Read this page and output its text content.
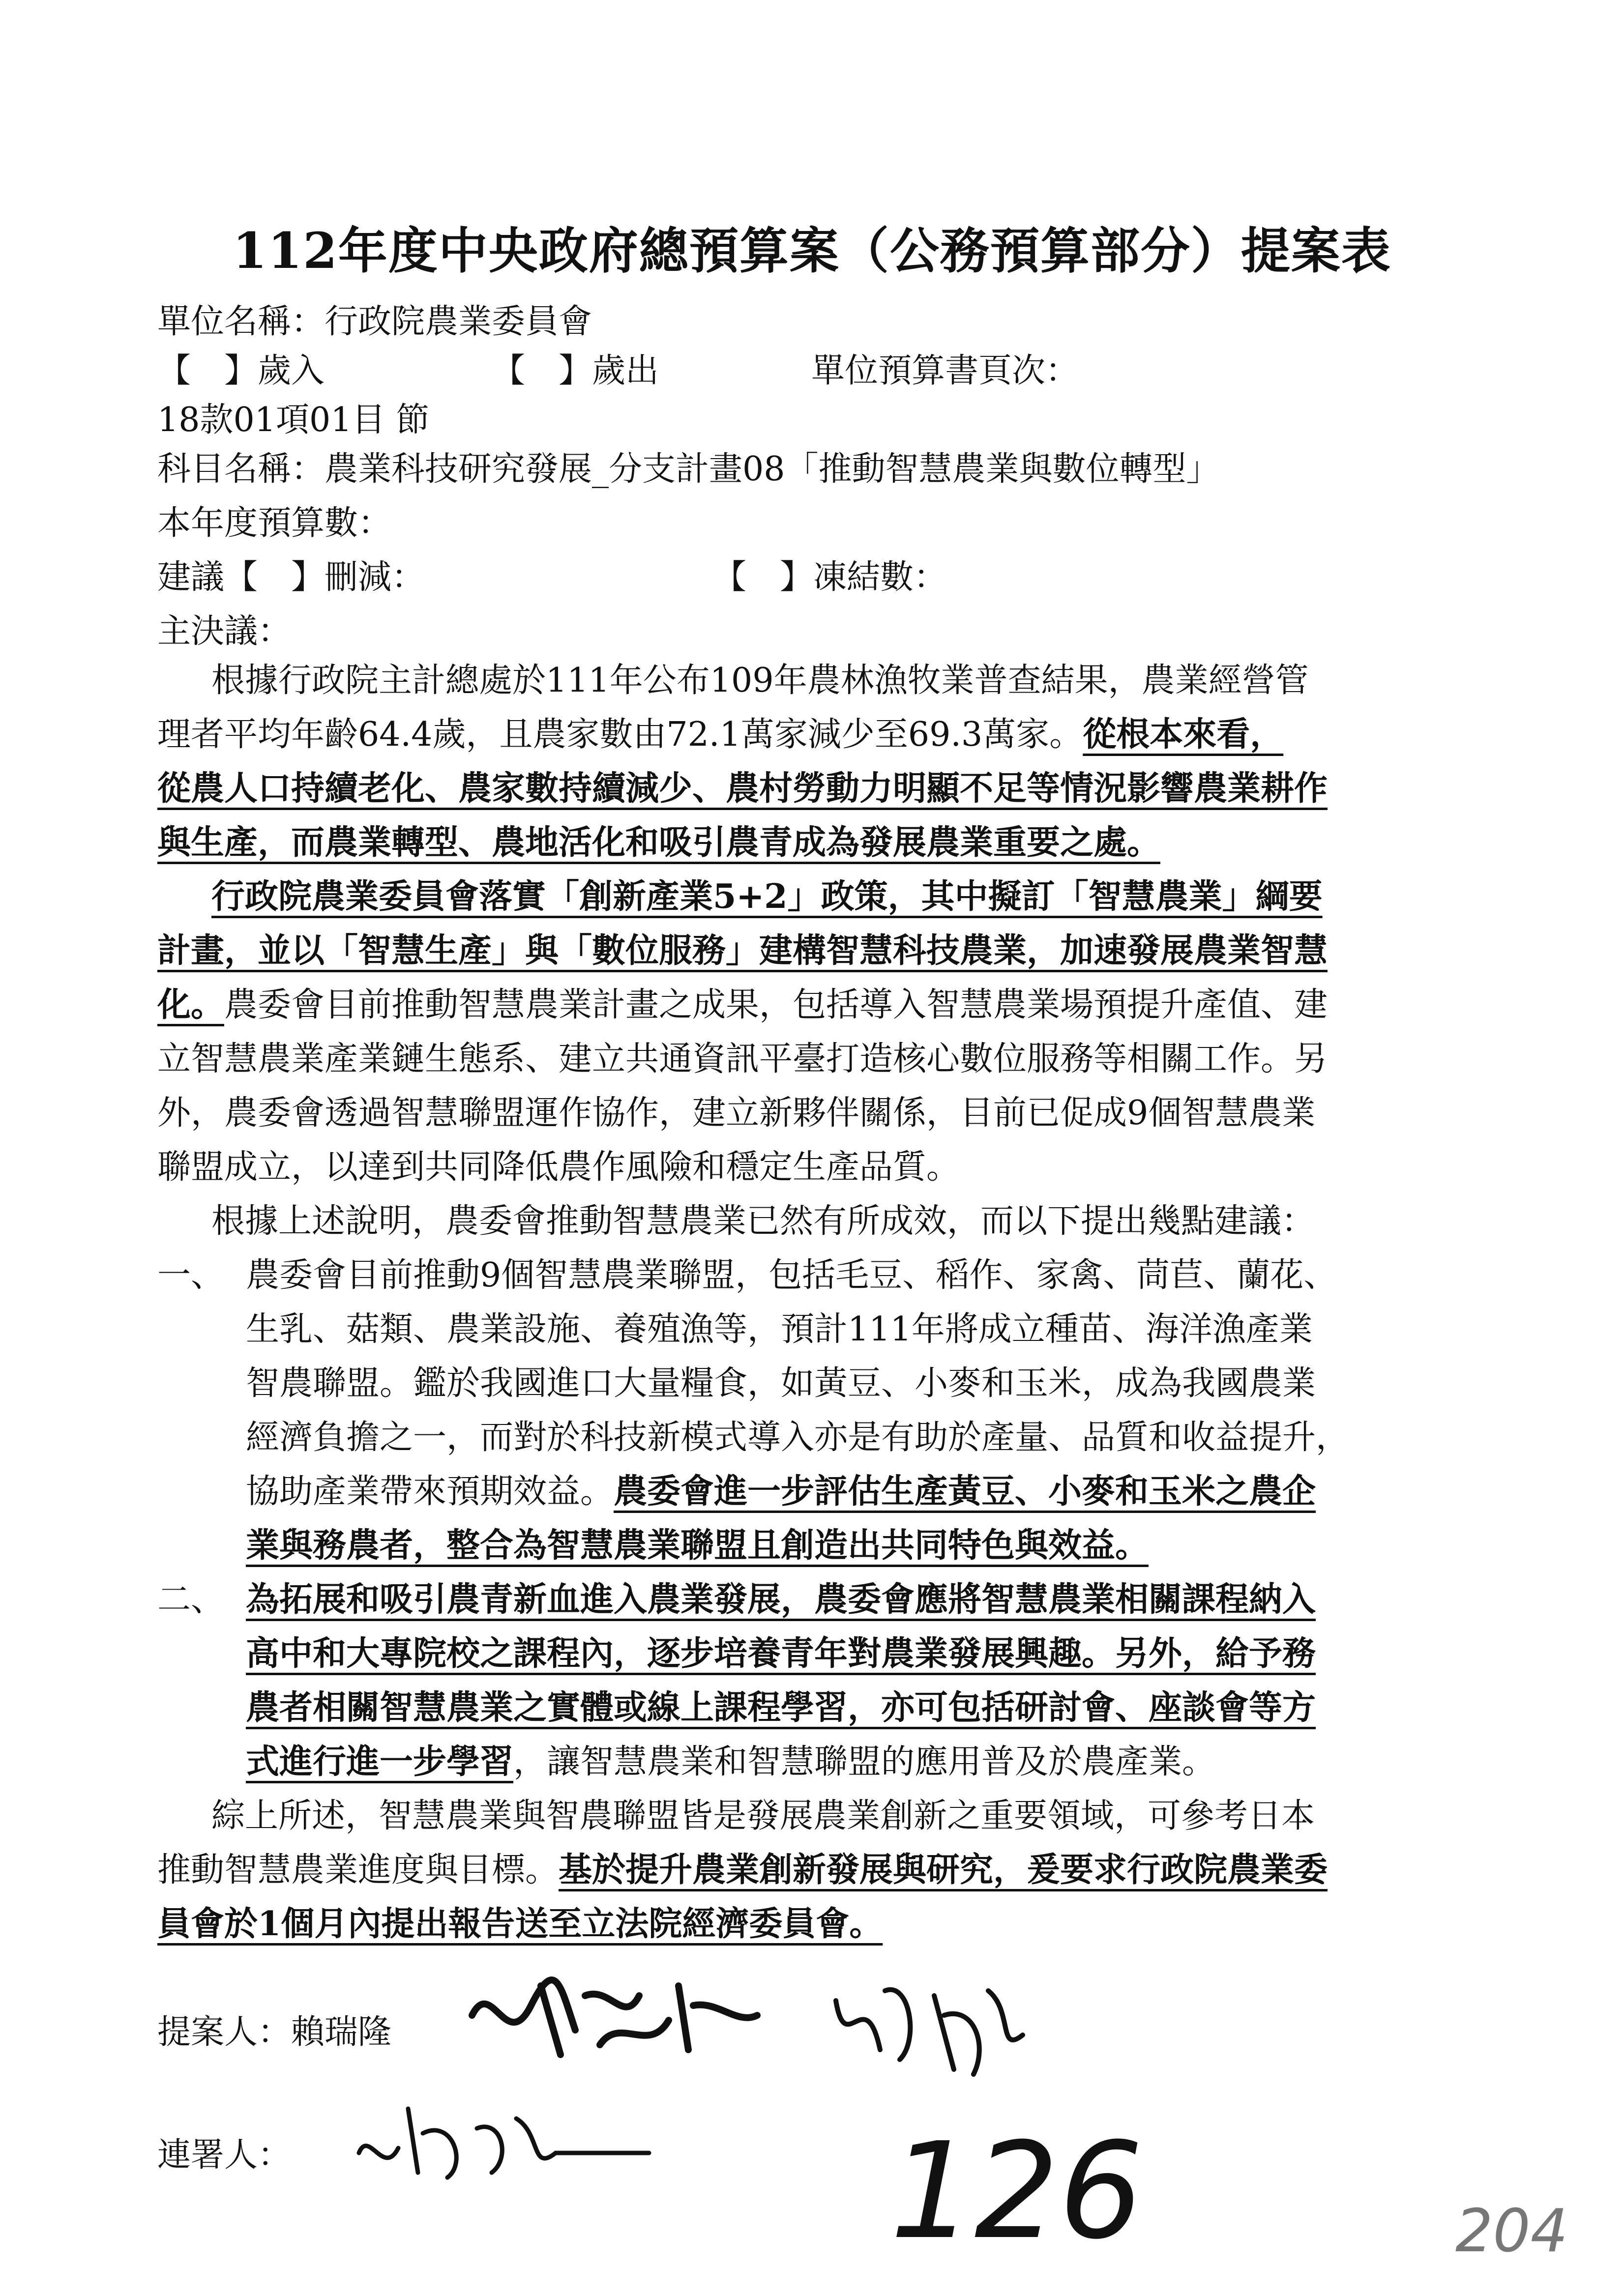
112年度中央政府總預算案（公務預算部分）提案表
單位名稱：行政院農業委員會
【　】歲入	【　】歲出	單位預算書頁次：
18款01項01目 節
科目名稱：農業科技研究發展_分支計畫08「推動智慧農業與數位轉型」
本年度預算數：
建議【　】刪減：	【　】凍結數：
主決議：
根據行政院主計總處於111年公布109年農林漁牧業普查結果，農業經營管
理者平均年齡64.4歲，且農家數由72.1萬家減少至69.3萬家。從根本來看，
從農人口持續老化、農家數持續減少、農村勞動力明顯不足等情況影響農業耕作
與生產，而農業轉型、農地活化和吸引農青成為發展農業重要之處。
行政院農業委員會落實「創新產業5+2」政策，其中擬訂「智慧農業」綱要
計畫，並以「智慧生產」與「數位服務」建構智慧科技農業，加速發展農業智慧
化。農委會目前推動智慧農業計畫之成果，包括導入智慧農業場預提升產值、建
立智慧農業產業鏈生態系、建立共通資訊平臺打造核心數位服務等相關工作。另
外，農委會透過智慧聯盟運作協作，建立新夥伴關係，目前已促成9個智慧農業
聯盟成立，以達到共同降低農作風險和穩定生產品質。
根據上述說明，農委會推動智慧農業已然有所成效，而以下提出幾點建議：
一、 農委會目前推動9個智慧農業聯盟，包括毛豆、稻作、家禽、茼苣、蘭花、
生乳、菇類、農業設施、養殖漁等，預計111年將成立種苗、海洋漁產業
智農聯盟。鑑於我國進口大量糧食，如黃豆、小麥和玉米，成為我國農業
經濟負擔之一，而對於科技新模式導入亦是有助於產量、品質和收益提升，
協助產業帶來預期效益。農委會進一步評估生產黃豆、小麥和玉米之農企
業與務農者，整合為智慧農業聯盟且創造出共同特色與效益。
二、 為拓展和吸引農青新血進入農業發展，農委會應將智慧農業相關課程納入
高中和大專院校之課程內，逐步培養青年對農業發展興趣。另外，給予務
農者相關智慧農業之實體或線上課程學習，亦可包括研討會、座談會等方
式進行進一步學習，讓智慧農業和智慧聯盟的應用普及於農產業。
綜上所述，智慧農業與智農聯盟皆是發展農業創新之重要領域，可參考日本
推動智慧農業進度與目標。基於提升農業創新發展與研究，爰要求行政院農業委
員會於1個月內提出報告送至立法院經濟委員會。
提案人：賴瑞隆
連署人：	126	204
